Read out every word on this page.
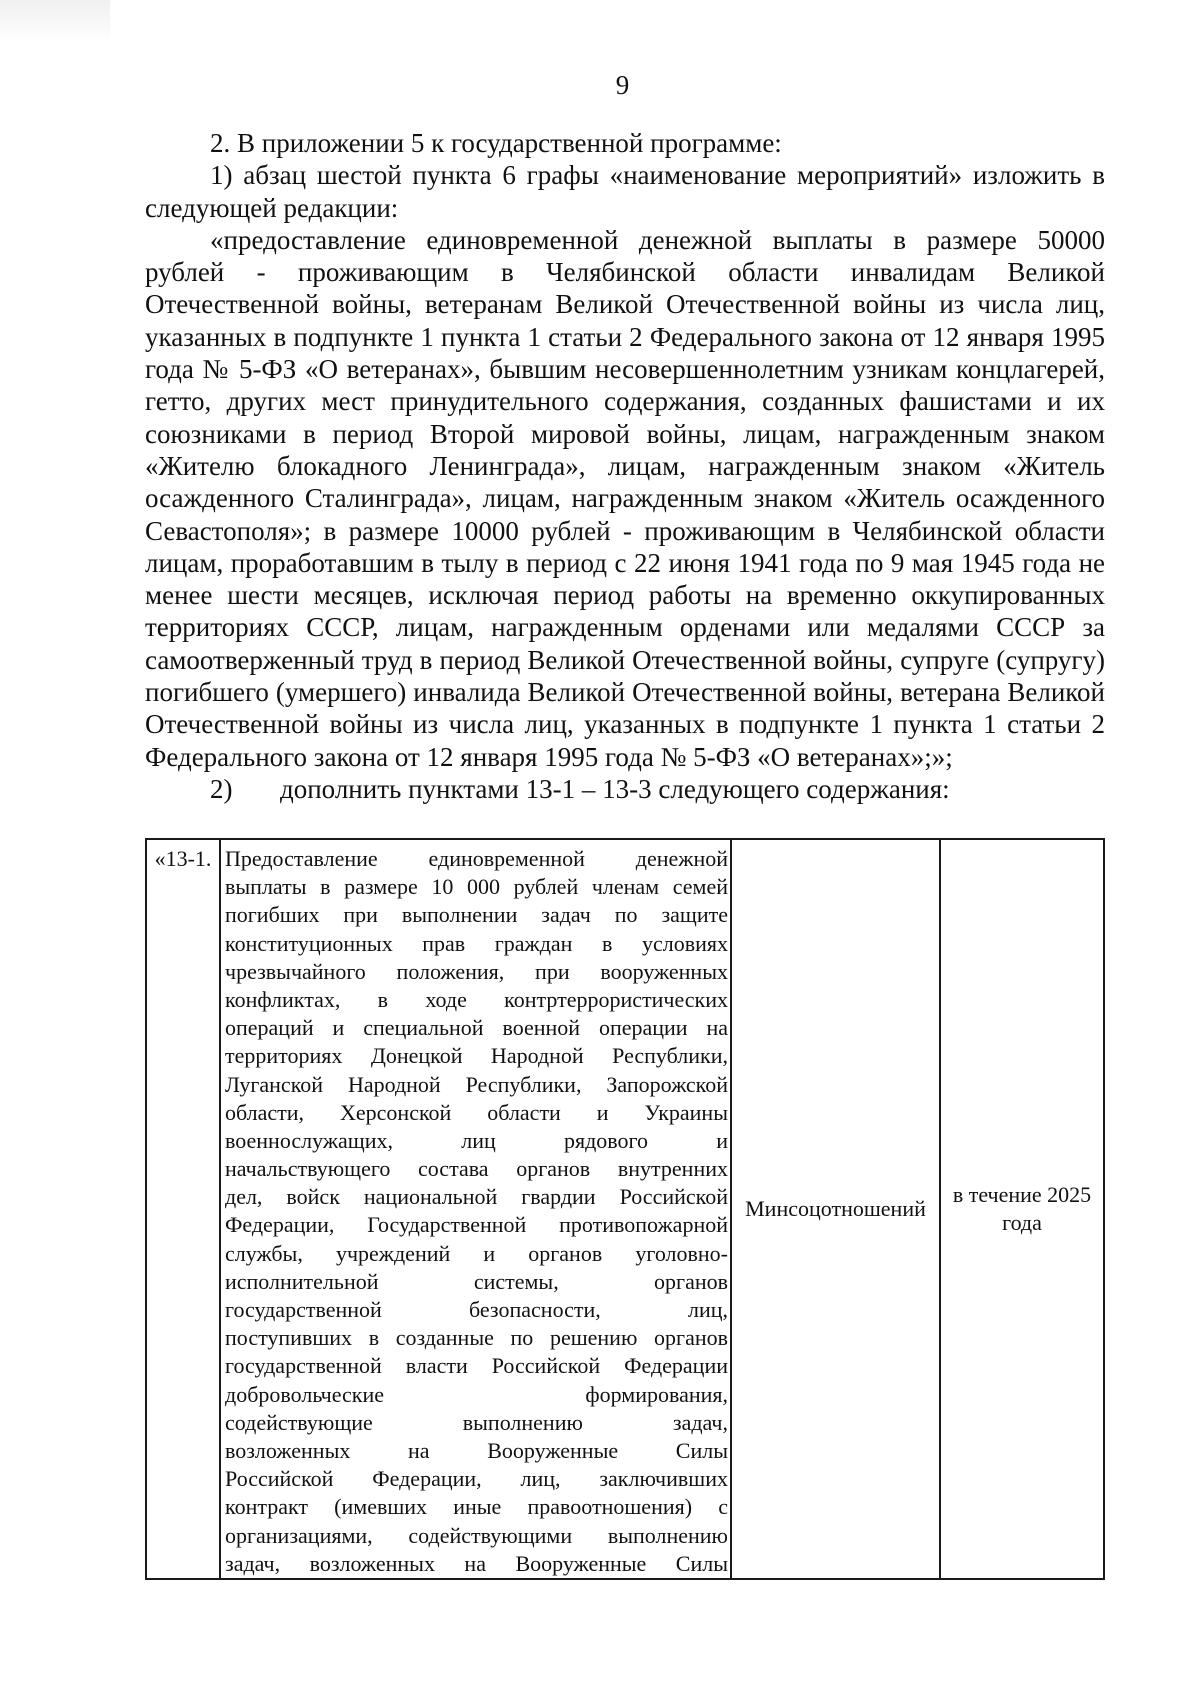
9

2. В приложении 5 к государственной программе:

1) абзац шестой пункта 6 графы «наименование мероприятий» изложить в следующей редакции:

«предоставление единовременной денежной выплаты в размере 50000 рублей - проживающим в Челябинской области инвалидам Великой Отечественной войны, ветеранам Великой Отечественной войны из числа лиц, указанных в подпункте 1 пункта 1 статьи 2 Федерального закона от 12 января 1995 года № 5-ФЗ «О ветеранах», бывшим несовершеннолетним узникам концлагерей, гетто, других мест принудительного содержания, созданных фашистами и их союзниками в период Второй мировой войны, лицам, награжденным знаком «Жителю блокадного Ленинграда», лицам, награжденным знаком «Житель осажденного Сталинграда», лицам, награжденным знаком «Житель осажденного Севастополя»; в размере 10000 рублей - проживающим в Челябинской области лицам, проработавшим в тылу в период с 22 июня 1941 года по 9 мая 1945 года не менее шести месяцев, исключая период работы на временно оккупированных территориях СССР, лицам, награжденным орденами или медалями СССР за самоотверженный труд в период Великой Отечественной войны, супруге (супругу) погибшего (умершего) инвалида Великой Отечественной войны, ветерана Великой Отечественной войны из числа лиц, указанных в подпункте 1 пункта 1 статьи 2 Федерального закона от 12 января 1995 года № 5-ФЗ «О ветеранах»;»;

2) дополнить пунктами 13-1 – 13-3 следующего содержания:

«13-1.	Предоставление единовременной денежной
выплаты в размере 10 000 рублей членам семей
погибших при выполнении задач по защите
конституционных прав граждан в условиях
чрезвычайного положения, при вооруженных
конфликтах, в ходе контртеррористических
операций и специальной военной операции на
территориях Донецкой Народной Республики,
Луганской Народной Республики, Запорожской
области, Херсонской области и Украины
военнослужащих, лиц рядового и
начальствующего состава органов внутренних
дел, войск национальной гвардии Российской
Федерации, Государственной противопожарной
службы, учреждений и органов уголовно-
исполнительной системы, органов
государственной безопасности, лиц,
поступивших в созданные по решению органов
государственной власти Российской Федерации
добровольческие формирования,
содействующие выполнению задач,
возложенных на Вооруженные Силы
Российской Федерации, лиц, заключивших
контракт (имевших иные правоотношения) с
организациями, содействующими выполнению
задач, возложенных на Вооруженные Силы
	Минсоцотношений	в течение 2025 года
